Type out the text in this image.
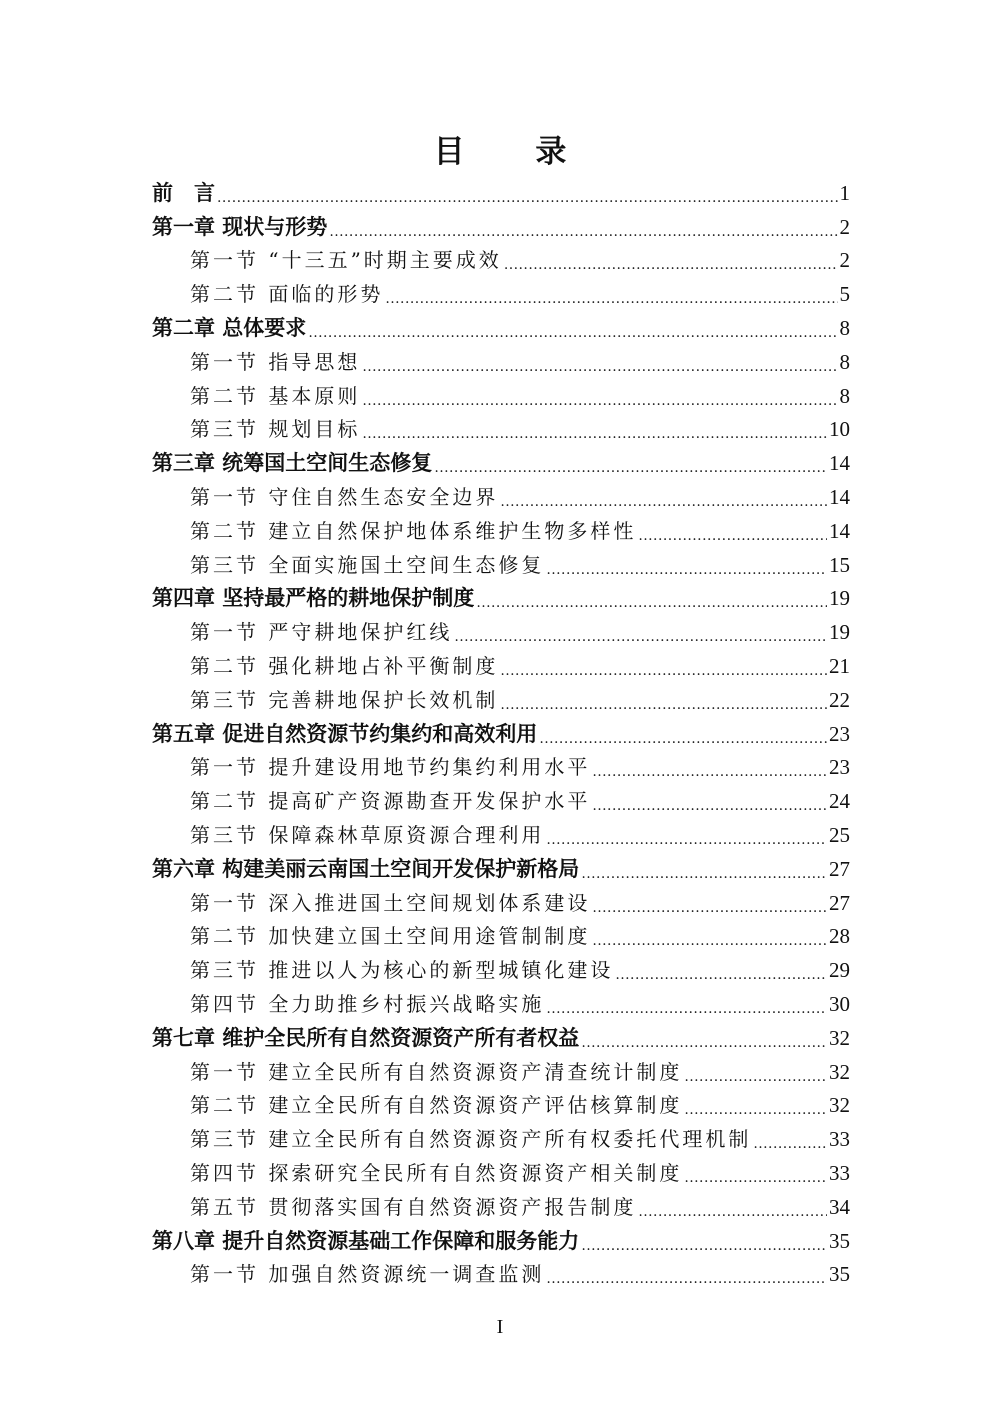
目 录
前　言 . . .	1
第一章 现状与形势 . . .	2
第一节 “十三五”时期主要成效 . . .	2
第二节 面临的形势 . . .	5
第二章 总体要求 . . .	8
第一节 指导思想 . . .	8
第二节 基本原则 . . .	8
第三节 规划目标 . . .	10
第三章 统筹国土空间生态修复 . . .	14
第一节 守住自然生态安全边界 . . .	14
第二节 建立自然保护地体系维护生物多样性 . . .	14
第三节 全面实施国土空间生态修复 . . .	15
第四章 坚持最严格的耕地保护制度 . . .	19
第一节 严守耕地保护红线 . . .	19
第二节 强化耕地占补平衡制度 . . .	21
第三节 完善耕地保护长效机制 . . .	22
第五章 促进自然资源节约集约和高效利用 . . .	23
第一节 提升建设用地节约集约利用水平 . . .	23
第二节 提高矿产资源勘查开发保护水平 . . .	24
第三节 保障森林草原资源合理利用 . . .	25
第六章 构建美丽云南国土空间开发保护新格局 . . .	27
第一节 深入推进国土空间规划体系建设 . . .	27
第二节 加快建立国土空间用途管制制度 . . .	28
第三节 推进以人为核心的新型城镇化建设 . . .	29
第四节 全力助推乡村振兴战略实施 . . .	30
第七章 维护全民所有自然资源资产所有者权益 . . .	32
第一节 建立全民所有自然资源资产清查统计制度 . . .	32
第二节 建立全民所有自然资源资产评估核算制度 . . .	32
第三节 建立全民所有自然资源资产所有权委托代理机制 . . .	33
第四节 探索研究全民所有自然资源资产相关制度 . . .	33
第五节 贯彻落实国有自然资源资产报告制度 . . .	34
第八章 提升自然资源基础工作保障和服务能力 . . .	35
第一节 加强自然资源统一调查监测 . . .	35
I
